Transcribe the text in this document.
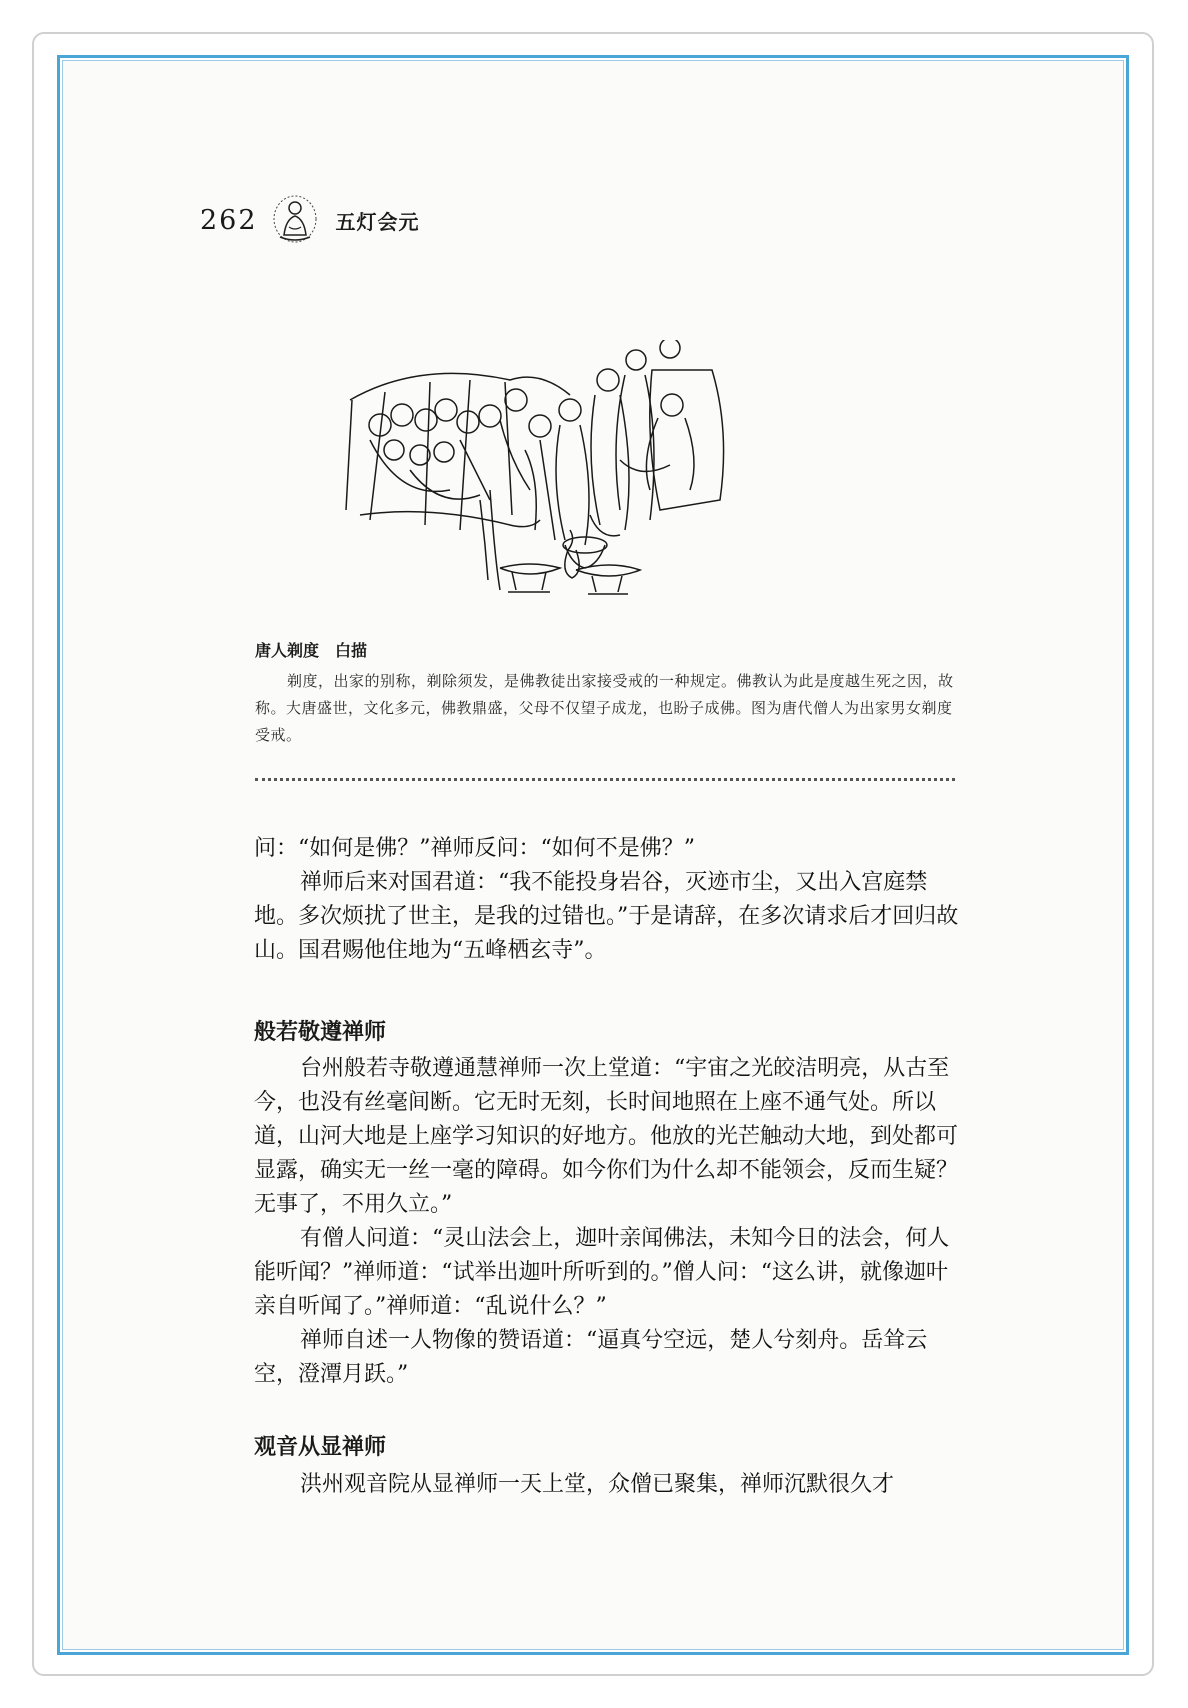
262	五灯会元
唐人剃度　白描
剃度，出家的别称，剃除须发，是佛教徒出家接受戒的一种规定。佛教认为此是度越生死之因，故称。大唐盛世，文化多元，佛教鼎盛，父母不仅望子成龙，也盼子成佛。图为唐代僧人为出家男女剃度受戒。

问：“如何是佛？”禅师反问：“如何不是佛？”

禅师后来对国君道：“我不能投身岩谷，灭迹市尘，又出入宫庭禁地。多次烦扰了世主，是我的过错也。”于是请辞，在多次请求后才回归故山。国君赐他住地为“五峰栖玄寺”。

般若敬遵禅师

台州般若寺敬遵通慧禅师一次上堂道：“宇宙之光皎洁明亮，从古至今，也没有丝毫间断。它无时无刻，长时间地照在上座不通气处。所以道，山河大地是上座学习知识的好地方。他放的光芒触动大地，到处都可显露，确实无一丝一毫的障碍。如今你们为什么却不能领会，反而生疑？无事了，不用久立。”

有僧人问道：“灵山法会上，迦叶亲闻佛法，未知今日的法会，何人能听闻？”禅师道：“试举出迦叶所听到的。”僧人问：“这么讲，就像迦叶亲自听闻了。”禅师道：“乱说什么？”

禅师自述一人物像的赞语道：“逼真兮空远，楚人兮刻舟。岳耸云空，澄潭月跃。”

观音从显禅师

洪州观音院从显禅师一天上堂，众僧已聚集，禅师沉默很久才
